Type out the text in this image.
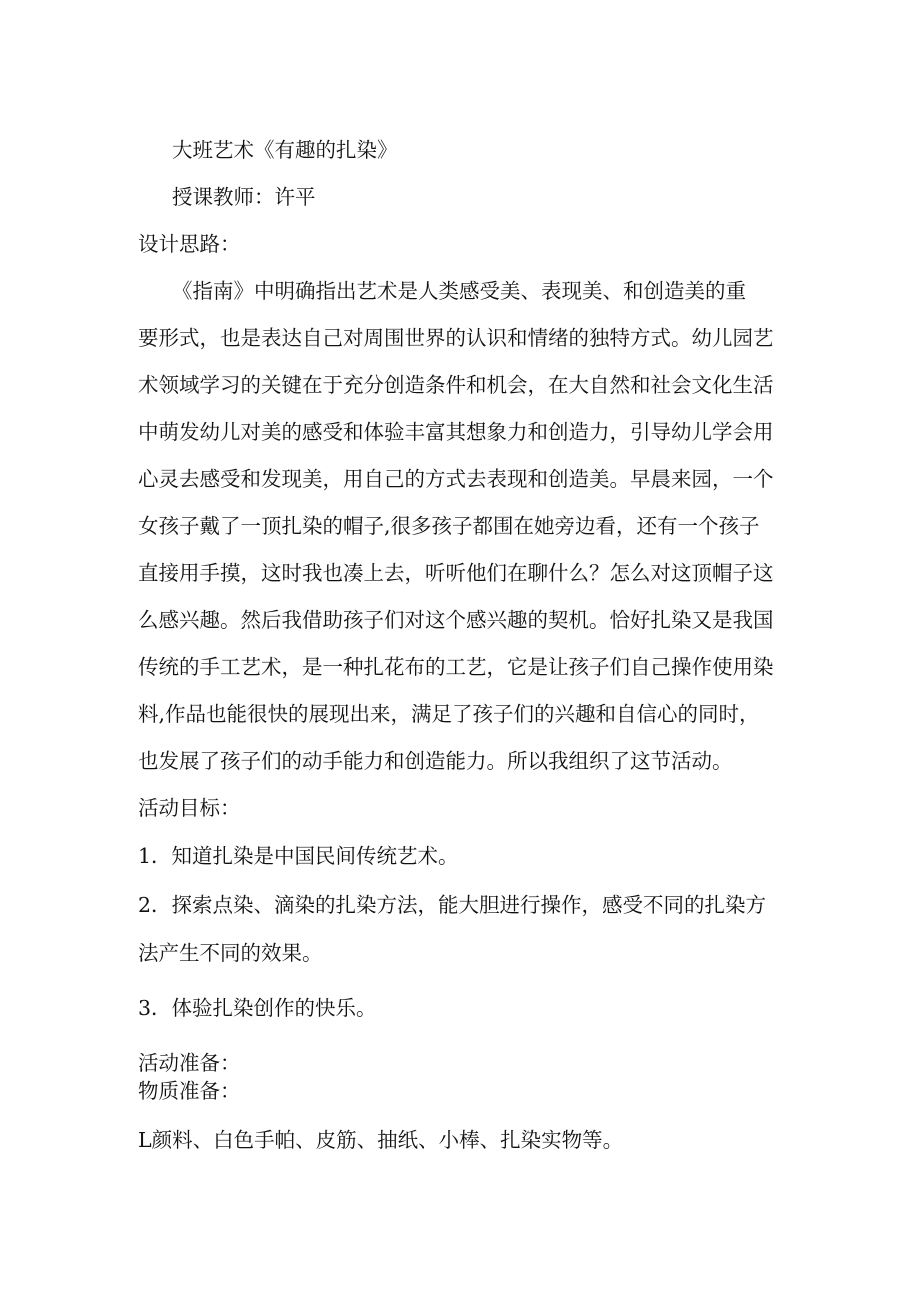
大班艺术《有趣的扎染》
授课教师：许平
设计思路：
《指南》中明确指出艺术是人类感受美、表现美、和创造美的重
要形式，也是表达自己对周围世界的认识和情绪的独特方式。幼儿园艺
术领域学习的关键在于充分创造条件和机会，在大自然和社会文化生活
中萌发幼儿对美的感受和体验丰富其想象力和创造力，引导幼儿学会用
心灵去感受和发现美，用自己的方式去表现和创造美。早晨来园，一个
女孩子戴了一顶扎染的帽子,很多孩子都围在她旁边看，还有一个孩子
直接用手摸，这时我也凑上去，听听他们在聊什么？怎么对这顶帽子这
么感兴趣。然后我借助孩子们对这个感兴趣的契机。恰好扎染又是我国
传统的手工艺术，是一种扎花布的工艺，它是让孩子们自己操作使用染
料,作品也能很快的展现出来，满足了孩子们的兴趣和自信心的同时，
也发展了孩子们的动手能力和创造能力。所以我组织了这节活动。
活动目标：
1．知道扎染是中国民间传统艺术。
2．探索点染、滴染的扎染方法，能大胆进行操作，感受不同的扎染方
法产生不同的效果。
3．体验扎染创作的快乐。
活动准备：
物质准备：
L颜料、白色手帕、皮筋、抽纸、小棒、扎染实物等。
